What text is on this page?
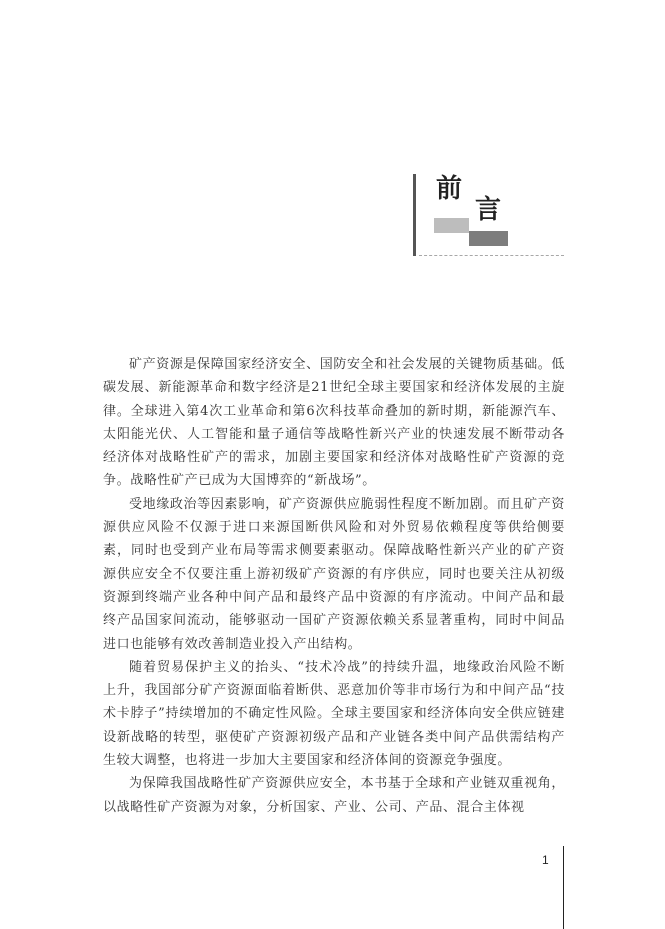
前
言

矿产资源是保障国家经济安全、国防安全和社会发展的关键物质基础。低碳发展、新能源革命和数字经济是21世纪全球主要国家和经济体发展的主旋律。全球进入第4次工业革命和第6次科技革命叠加的新时期，新能源汽车、太阳能光伏、人工智能和量子通信等战略性新兴产业的快速发展不断带动各经济体对战略性矿产的需求，加剧主要国家和经济体对战略性矿产资源的竞争。战略性矿产已成为大国博弈的“新战场”。

受地缘政治等因素影响，矿产资源供应脆弱性程度不断加剧。而且矿产资源供应风险不仅源于进口来源国断供风险和对外贸易依赖程度等供给侧要素，同时也受到产业布局等需求侧要素驱动。保障战略性新兴产业的矿产资源供应安全不仅要注重上游初级矿产资源的有序供应，同时也要关注从初级资源到终端产业各种中间产品和最终产品中资源的有序流动。中间产品和最终产品国家间流动，能够驱动一国矿产资源依赖关系显著重构，同时中间品进口也能够有效改善制造业投入产出结构。

随着贸易保护主义的抬头、“技术冷战”的持续升温，地缘政治风险不断上升，我国部分矿产资源面临着断供、恶意加价等非市场行为和中间产品“技术卡脖子”持续增加的不确定性风险。全球主要国家和经济体向安全供应链建设新战略的转型，驱使矿产资源初级产品和产业链各类中间产品供需结构产生较大调整，也将进一步加大主要国家和经济体间的资源竞争强度。

为保障我国战略性矿产资源供应安全，本书基于全球和产业链双重视角，以战略性矿产资源为对象，分析国家、产业、公司、产品、混合主体视

1
